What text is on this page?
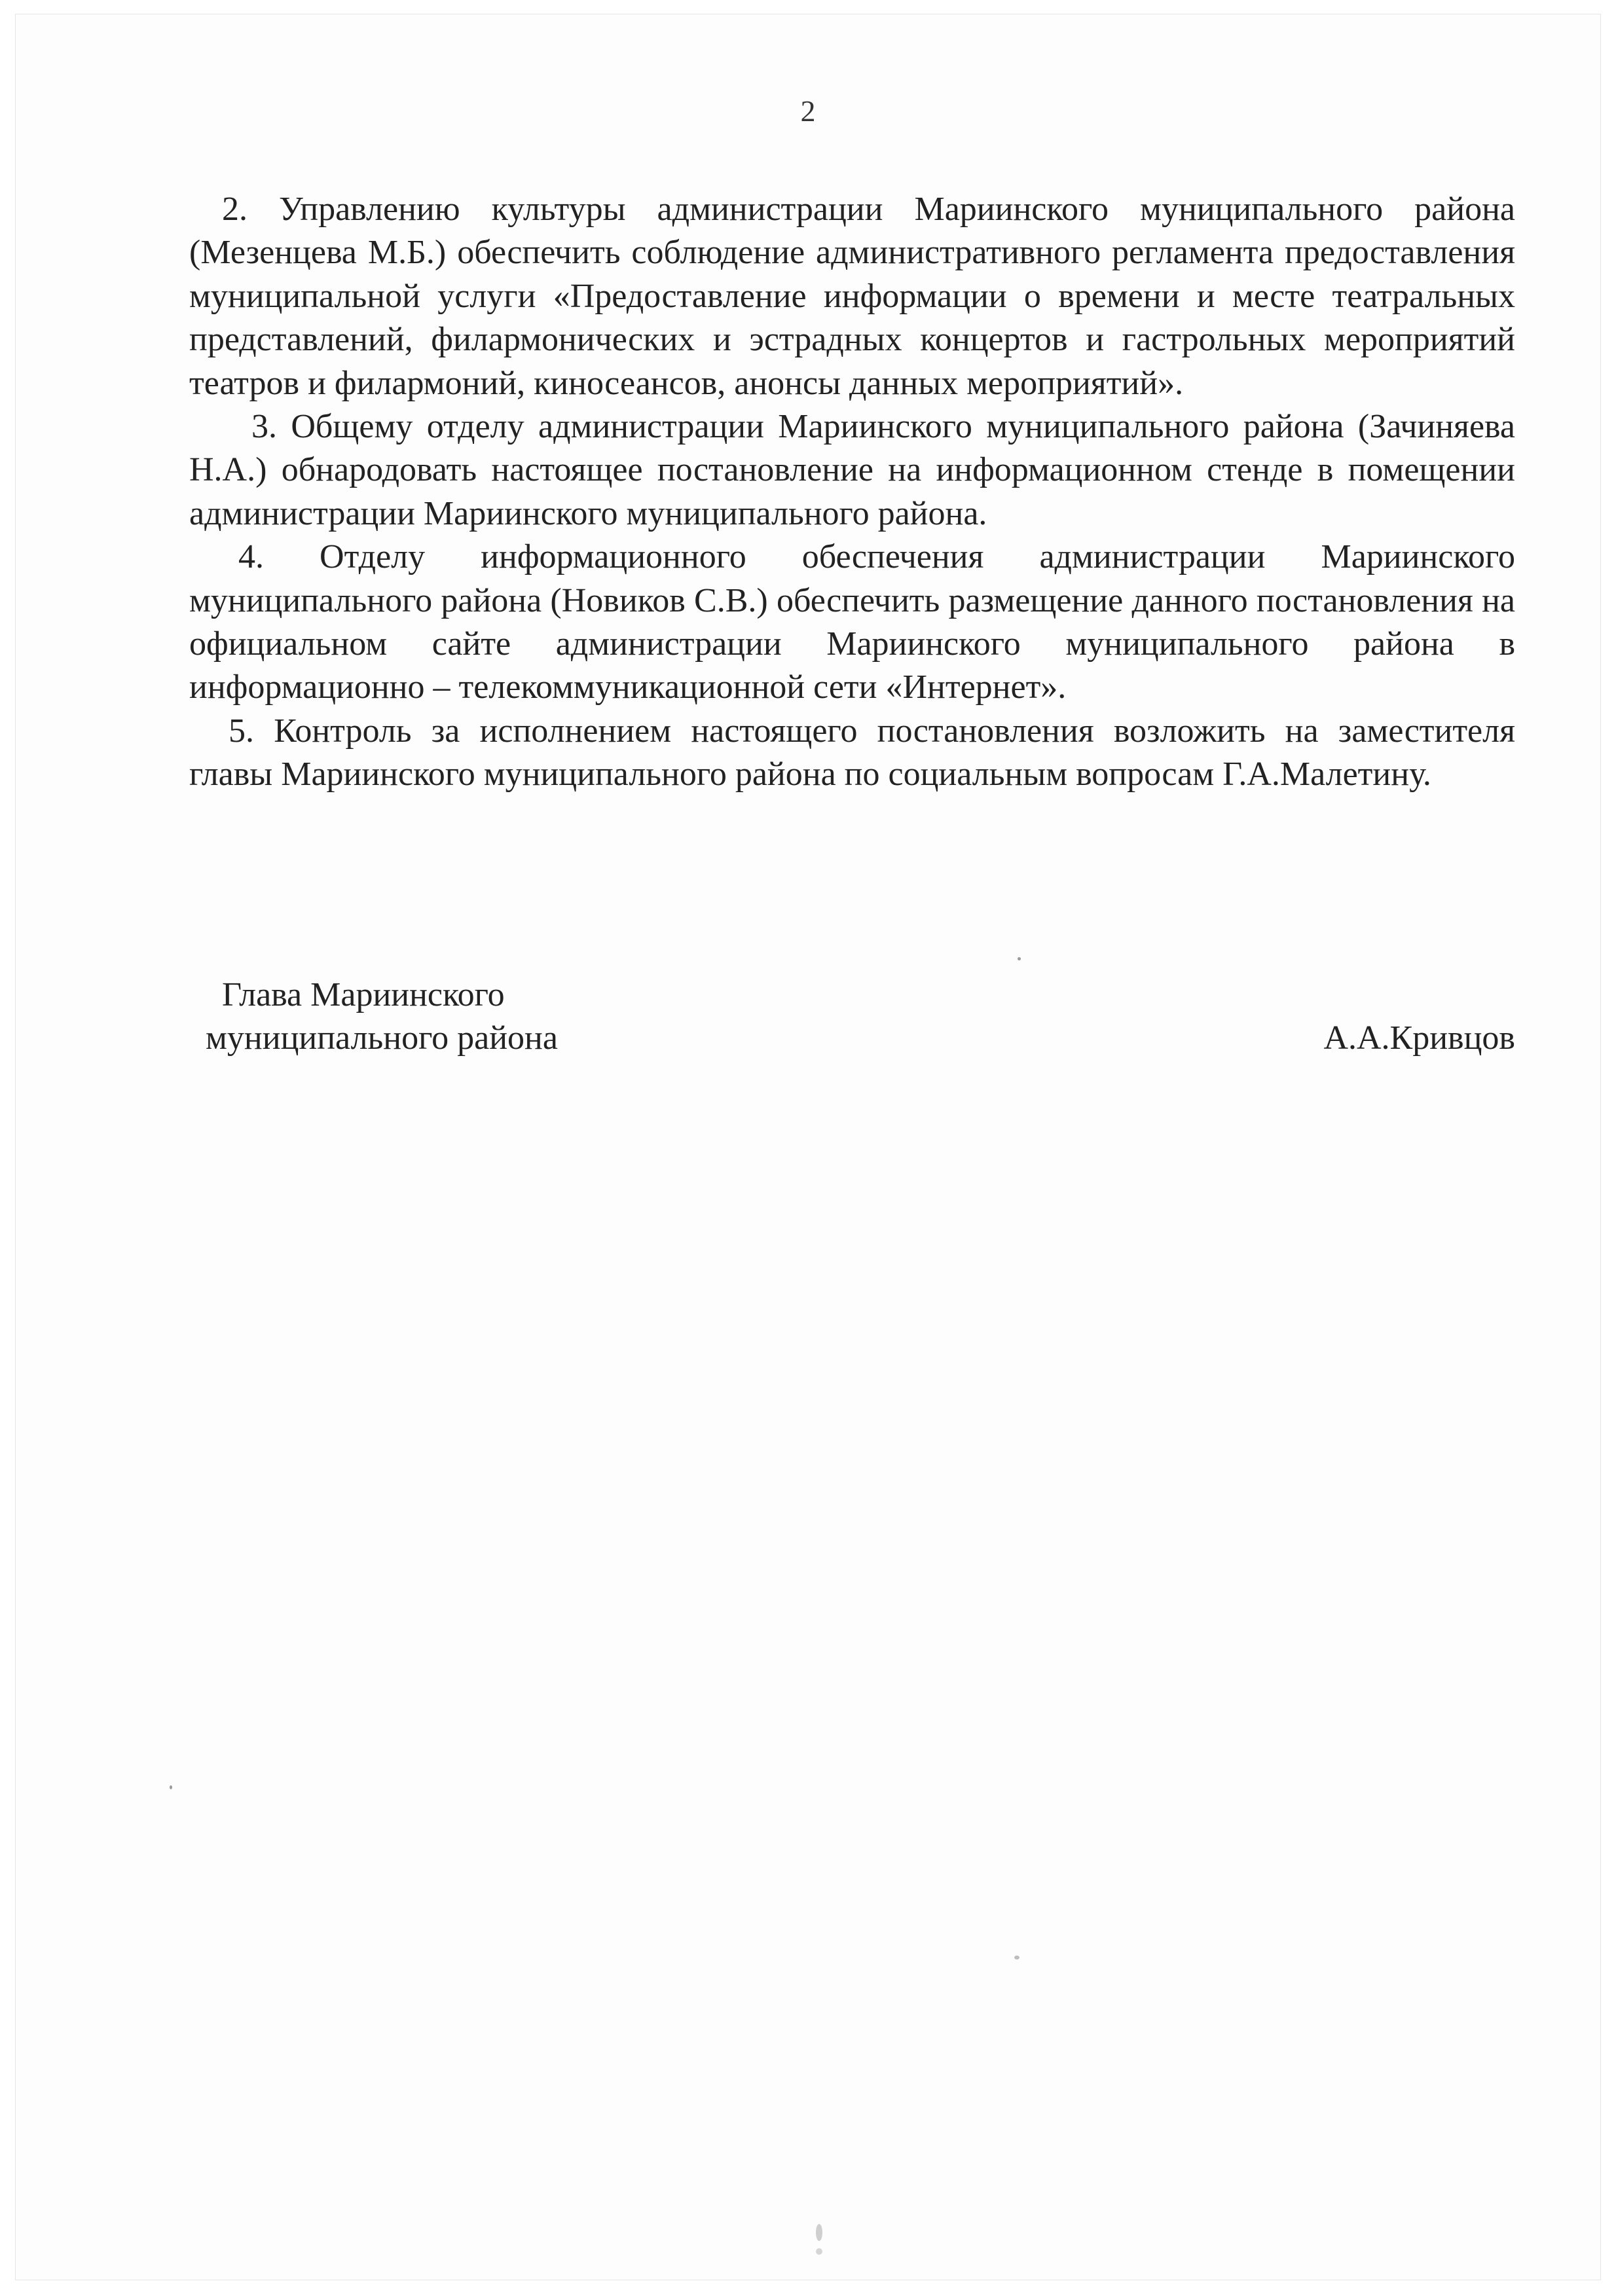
2

2. Управлению культуры администрации Мариинского муниципального района (Мезенцева М.Б.) обеспечить соблюдение административного регламента предоставления муниципальной услуги «Предоставление информации о времени и месте театральных представлений, филармонических и эстрадных концертов и гастрольных мероприятий театров и филармоний, киносеансов, анонсы данных мероприятий».

3. Общему отделу администрации Мариинского муниципального района (Зачиняева Н.А.) обнародовать настоящее постановление на информационном стенде в помещении администрации Мариинского муниципального района.

4. Отделу информационного обеспечения администрации Мариинского муниципального района (Новиков С.В.) обеспечить размещение данного постановления на официальном сайте администрации Мариинского муниципального района в информационно – телекоммуникационной сети «Интернет».

5. Контроль за исполнением настоящего постановления возложить на заместителя главы Мариинского муниципального района по социальным вопросам Г.А.Малетину.

Глава Мариинского
муниципального района	А.А.Кривцов
